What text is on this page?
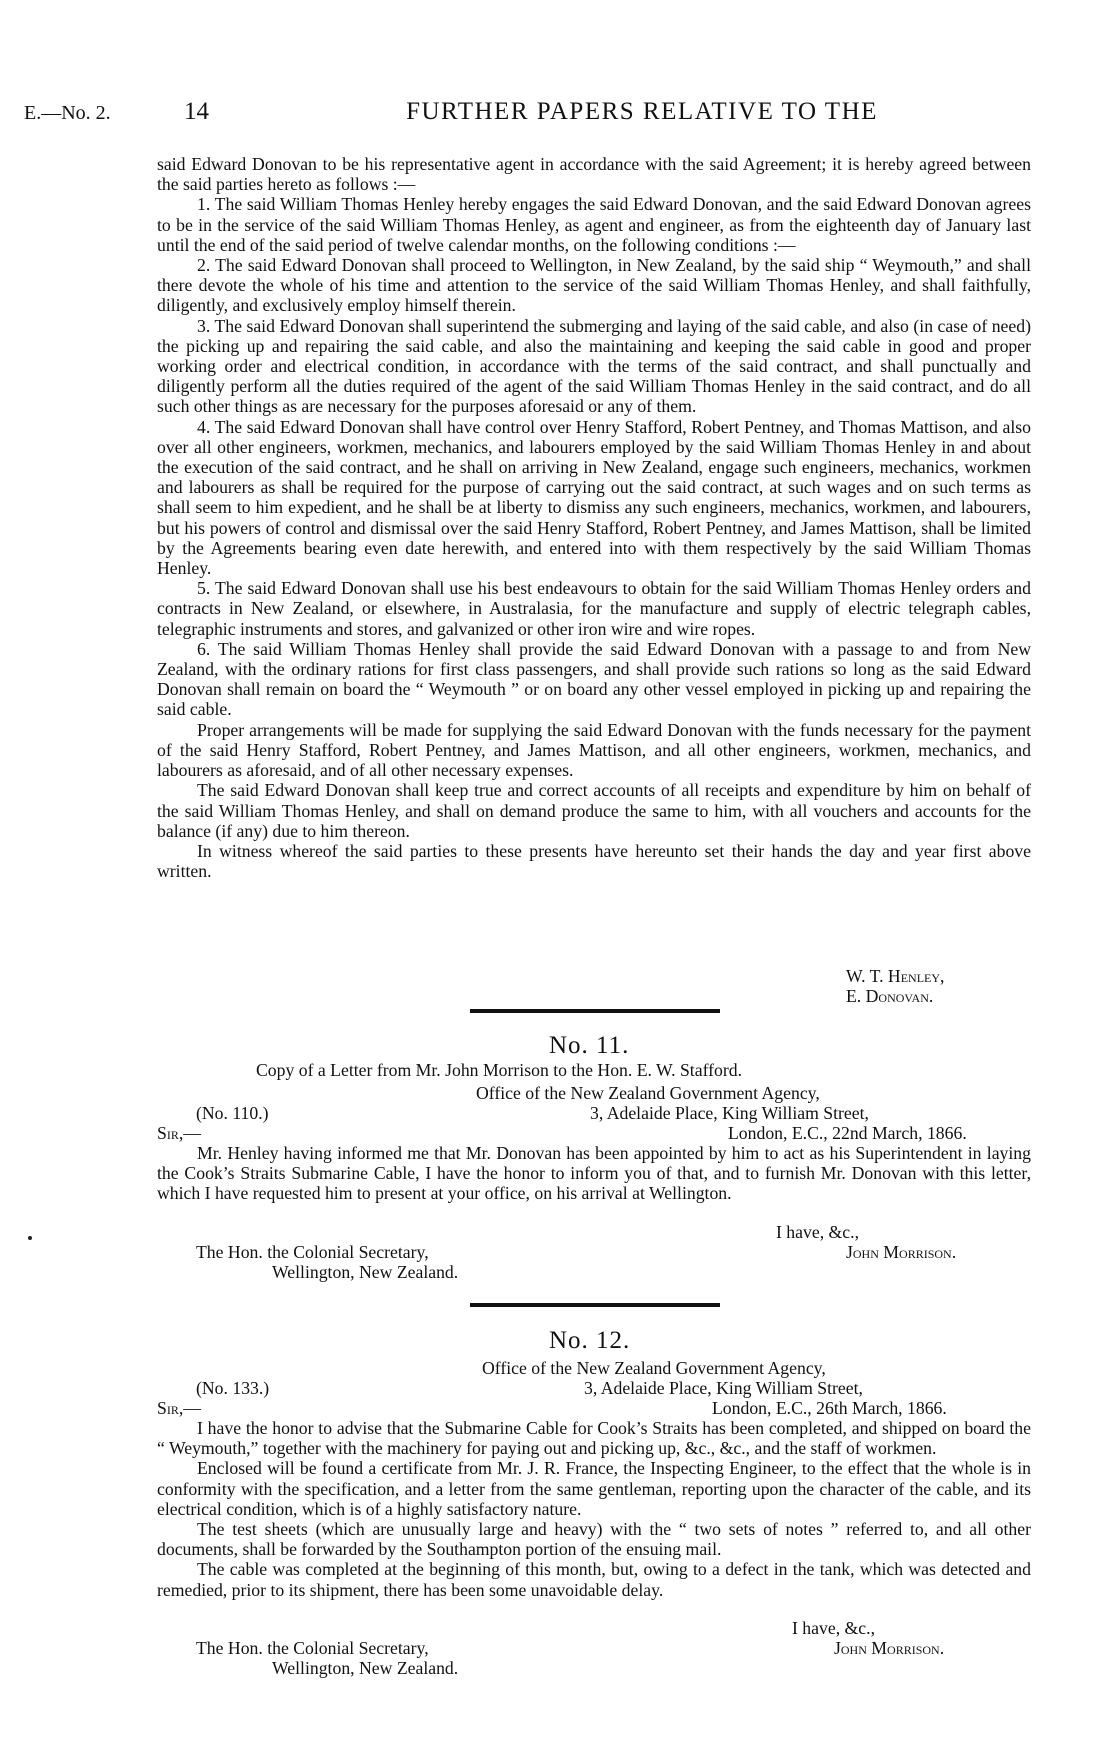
E.—No. 2.	14	FURTHER PAPERS RELATIVE TO THE

said Edward Donovan to be his representative agent in accordance with the said Agreement; it is hereby agreed between the said parties hereto as follows :—

1. The said William Thomas Henley hereby engages the said Edward Donovan, and the said Edward Donovan agrees to be in the service of the said William Thomas Henley, as agent and engineer, as from the eighteenth day of January last until the end of the said period of twelve calendar months, on the following conditions :—

2. The said Edward Donovan shall proceed to Wellington, in New Zealand, by the said ship “ Weymouth,” and shall there devote the whole of his time and attention to the service of the said William Thomas Henley, and shall faithfully, diligently, and exclusively employ himself therein.

3. The said Edward Donovan shall superintend the submerging and laying of the said cable, and also (in case of need) the picking up and repairing the said cable, and also the maintaining and keeping the said cable in good and proper working order and electrical condition, in accordance with the terms of the said contract, and shall punctually and diligently perform all the duties required of the agent of the said William Thomas Henley in the said contract, and do all such other things as are necessary for the purposes aforesaid or any of them.

4. The said Edward Donovan shall have control over Henry Stafford, Robert Pentney, and Thomas Mattison, and also over all other engineers, workmen, mechanics, and labourers employed by the said William Thomas Henley in and about the execution of the said contract, and he shall on arriving in New Zealand, engage such engineers, mechanics, workmen and labourers as shall be required for the purpose of carrying out the said contract, at such wages and on such terms as shall seem to him expedient, and he shall be at liberty to dismiss any such engineers, mechanics, workmen, and labourers, but his powers of control and dismissal over the said Henry Stafford, Robert Pentney, and James Mattison, shall be limited by the Agreements bearing even date herewith, and entered into with them respectively by the said William Thomas Henley.

5. The said Edward Donovan shall use his best endeavours to obtain for the said William Thomas Henley orders and contracts in New Zealand, or elsewhere, in Australasia, for the manufacture and supply of electric telegraph cables, telegraphic instruments and stores, and galvanized or other iron wire and wire ropes.

6. The said William Thomas Henley shall provide the said Edward Donovan with a passage to and from New Zealand, with the ordinary rations for first class passengers, and shall provide such rations so long as the said Edward Donovan shall remain on board the “ Weymouth ” or on board any other vessel employed in picking up and repairing the said cable.

Proper arrangements will be made for supplying the said Edward Donovan with the funds necessary for the payment of the said Henry Stafford, Robert Pentney, and James Mattison, and all other engineers, workmen, mechanics, and labourers as aforesaid, and of all other necessary expenses.

The said Edward Donovan shall keep true and correct accounts of all receipts and expenditure by him on behalf of the said William Thomas Henley, and shall on demand produce the same to him, with all vouchers and accounts for the balance (if any) due to him thereon.

In witness whereof the said parties to these presents have hereunto set their hands the day and year first above written.

W. T. Henley,
E. Donovan.
No. 11.
Copy of a Letter from Mr. John Morrison to the Hon. E. W. Stafford.
Office of the New Zealand Government Agency,
(No. 110.)	3, Adelaide Place, King William Street,
Sir,—	London, E.C., 22nd March, 1866.
Mr. Henley having informed me that Mr. Donovan has been appointed by him to act as his Superintendent in laying the Cook’s Straits Submarine Cable, I have the honor to inform you of that, and to furnish Mr. Donovan with this letter, which I have requested him to present at your office, on his arrival at Wellington.
I have, &c.,
The Hon. the Colonial Secretary,	John Morrison.
Wellington, New Zealand.
No. 12.
Office of the New Zealand Government Agency,
(No. 133.)	3, Adelaide Place, King William Street,
Sir,—	London, E.C., 26th March, 1866.

I have the honor to advise that the Submarine Cable for Cook’s Straits has been completed, and shipped on board the “ Weymouth,” together with the machinery for paying out and picking up, &c., &c., and the staff of workmen.

Enclosed will be found a certificate from Mr. J. R. France, the Inspecting Engineer, to the effect that the whole is in conformity with the specification, and a letter from the same gentleman, reporting upon the character of the cable, and its electrical condition, which is of a highly satisfactory nature.

The test sheets (which are unusually large and heavy) with the “ two sets of notes ” referred to, and all other documents, shall be forwarded by the Southampton portion of the ensuing mail.

The cable was completed at the beginning of this month, but, owing to a defect in the tank, which was detected and remedied, prior to its shipment, there has been some unavoidable delay.

I have, &c.,
The Hon. the Colonial Secretary,	John Morrison.
Wellington, New Zealand.
